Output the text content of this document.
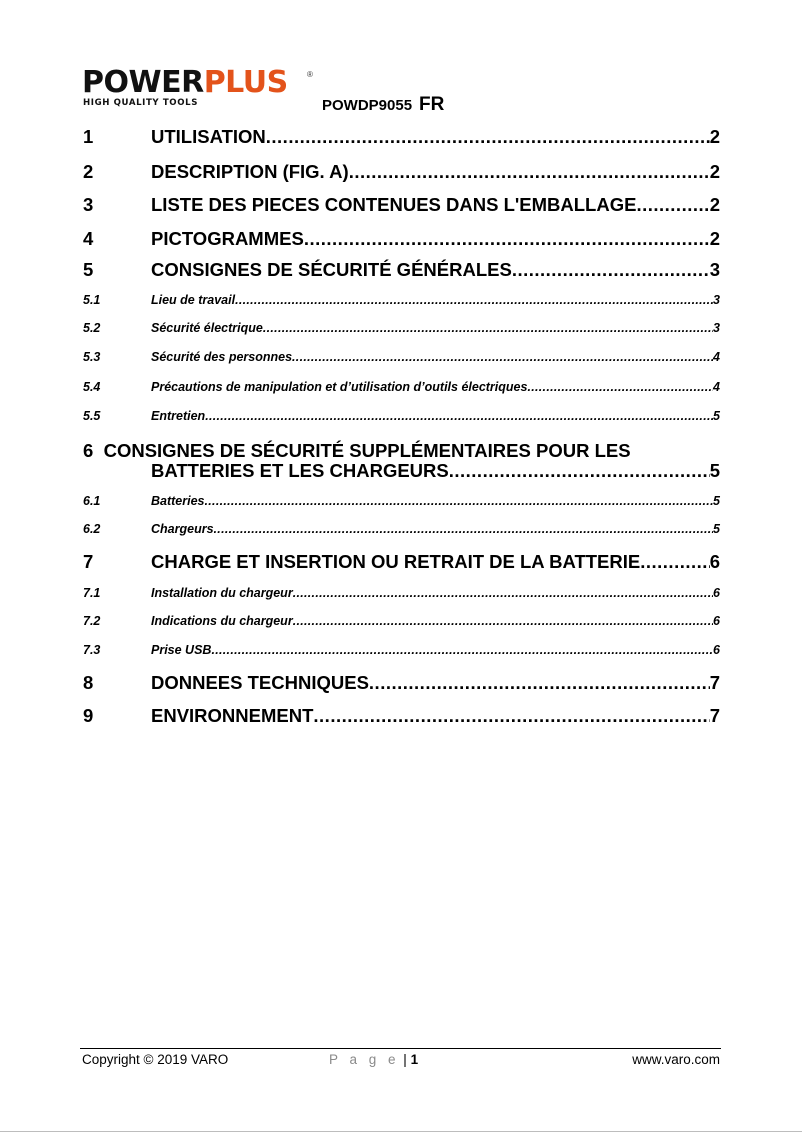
POWERPLUS ®
HIGH QUALITY TOOLS	POWDP9055 FR
1	UTILISATION .....	2
2	DESCRIPTION (FIG. A) .....	2
3	LISTE DES PIECES CONTENUES DANS L'EMBALLAGE .....	2
4	PICTOGRAMMES .....	2
5	CONSIGNES DE SÉCURITÉ GÉNÉRALES .....	3
5.1	Lieu de travail .....	3
5.2	Sécurité électrique .....	3
5.3	Sécurité des personnes .....	4
5.4	Précautions de manipulation et d’utilisation d’outils électriques .....	4
5.5	Entretien .....	5
6 CONSIGNES DE SÉCURITÉ SUPPLÉMENTAIRES POUR LES
BATTERIES ET LES CHARGEURS .....	5
6.1	Batteries .....	5
6.2	Chargeurs .....	5
7	CHARGE ET INSERTION OU RETRAIT DE LA BATTERIE .....	6
7.1	Installation du chargeur .....	6
7.2	Indications du chargeur .....	6
7.3	Prise USB .....	6
8	DONNEES TECHNIQUES .....	7
9	ENVIRONNEMENT .....	7
Copyright © 2019 VARO	P a g e | 1	www.varo.com
